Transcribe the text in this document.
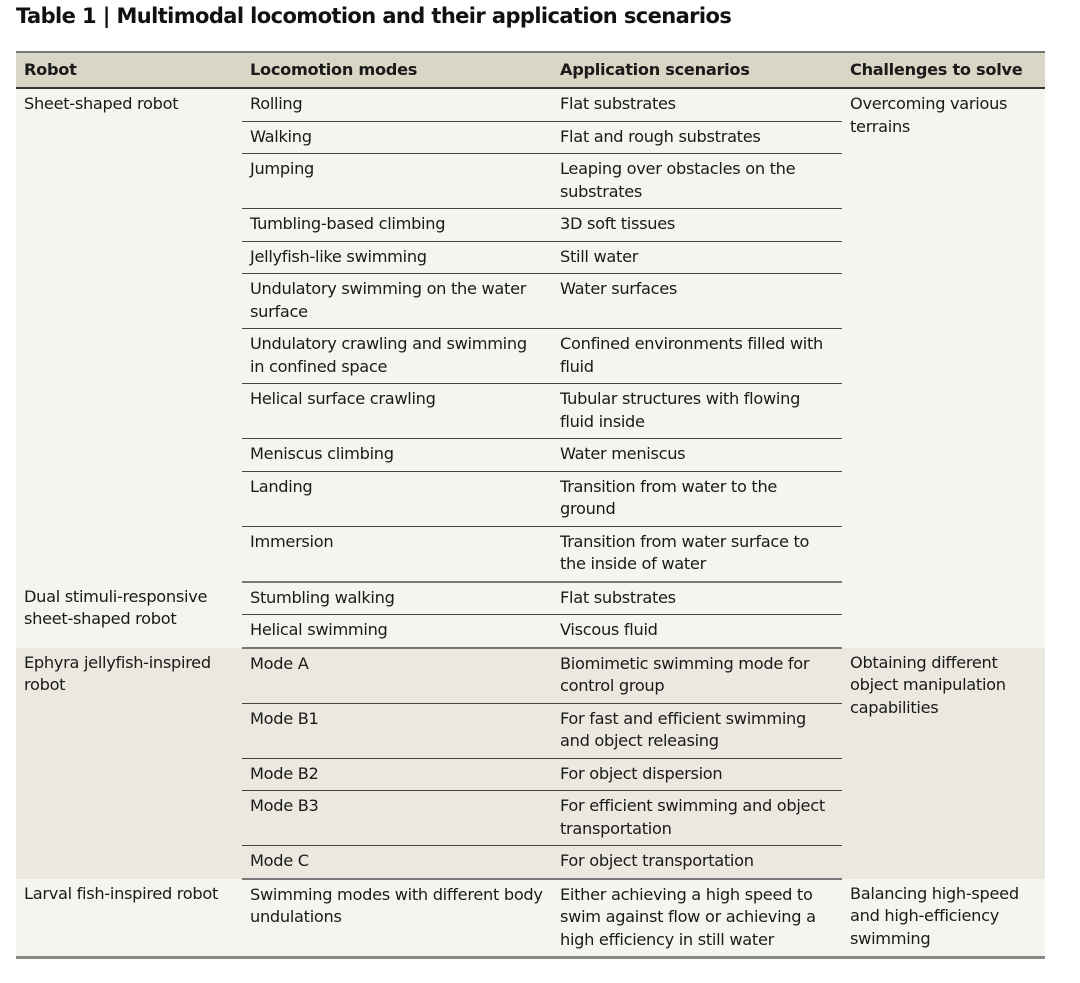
Table 1 | Multimodal locomotion and their application scenarios
Robot	Locomotion modes	Application scenarios	Challenges to solve
Sheet-shaped robot	Rolling	Flat substrates	Overcoming various terrains
	Walking	Flat and rough substrates	
	Jumping	Leaping over obstacles on the substrates	
	Tumbling-based climbing	3D soft tissues	
	Jellyfish-like swimming	Still water	
	Undulatory swimming on the water surface	Water surfaces	
	Undulatory crawling and swimming in confined space	Confined environments filled with fluid	
	Helical surface crawling	Tubular structures with flowing fluid inside	
	Meniscus climbing	Water meniscus	
	Landing	Transition from water to the ground	
	Immersion	Transition from water surface to the inside of water	
Dual stimuli-responsive sheet-shaped robot	Stumbling walking	Flat substrates	
	Helical swimming	Viscous fluid	
Ephyra jellyfish-inspired robot	Mode A	Biomimetic swimming mode for control group	Obtaining different object manipulation capabilities
	Mode B1	For fast and efficient swimming and object releasing	
	Mode B2	For object dispersion	
	Mode B3	For efficient swimming and object transportation	
	Mode C	For object transportation	
Larval fish-inspired robot	Swimming modes with different body undulations	Either achieving a high speed to swim against flow or achieving a high efficiency in still water	Balancing high-speed and high-efficiency swimming
